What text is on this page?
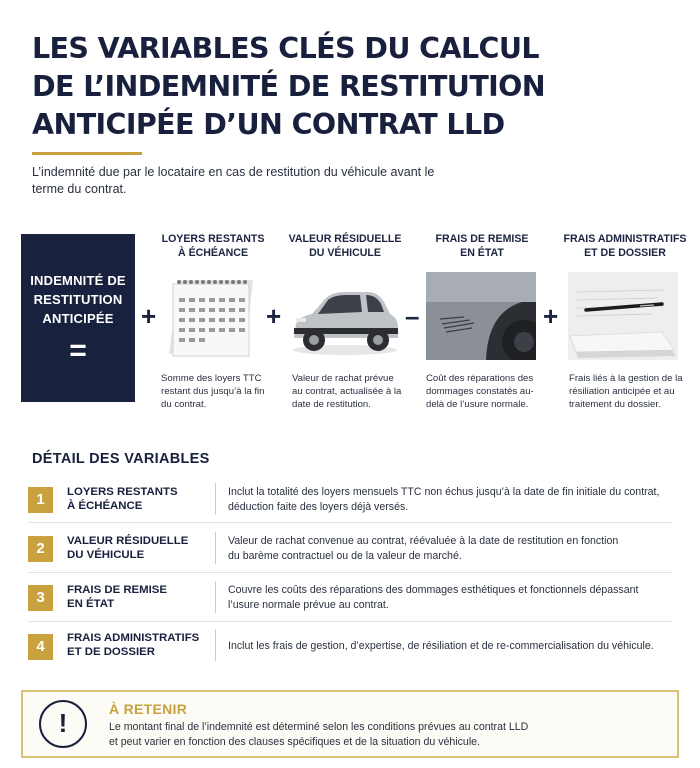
LES VARIABLES CLÉS DU CALCUL
DE L’INDEMNITÉ DE RESTITUTION
ANTICIPÉE D’UN CONTRAT LLD

L’indemnité due par le locataire en cas de restitution du véhicule avant le terme du contrat.

INDEMNITÉ DE
RESTITUTION
ANTICIPÉE
=
+	+	–	+
LOYERS RESTANTS
À ÉCHÉANCE
Somme des loyers TTC restant dus jusqu’à la fin du contrat.
VALEUR RÉSIDUELLE
DU VÉHICULE
Valeur de rachat prévue au contrat, actualisée à la date de restitution.
FRAIS DE REMISE
EN ÉTAT
Coût des réparations des dommages constatés au-delà de l’usure normale.
FRAIS ADMINISTRATIFS
ET DE DOSSIER
Frais liés à la gestion de la résiliation anticipée et au traitement du dossier.
DÉTAIL DES VARIABLES
1	LOYERS RESTANTS
À ÉCHÉANCE
Inclut la totalité des loyers mensuels TTC non échus jusqu’à la date de fin initiale du contrat,
déduction faite des loyers déjà versés.
2	VALEUR RÉSIDUELLE
DU VÉHICULE
Valeur de rachat convenue au contrat, réévaluée à la date de restitution en fonction
du barème contractuel ou de la valeur de marché.
3	FRAIS DE REMISE
EN ÉTAT
Couvre les coûts des réparations des dommages esthétiques et fonctionnels dépassant
l’usure normale prévue au contrat.
4	FRAIS ADMINISTRATIFS
ET DE DOSSIER	Inclut les frais de gestion, d’expertise, de résiliation et de re-commercialisation du véhicule.
!	À RETENIR
Le montant final de l’indemnité est déterminé selon les conditions prévues au contrat LLD
et peut varier en fonction des clauses spécifiques et de la situation du véhicule.
